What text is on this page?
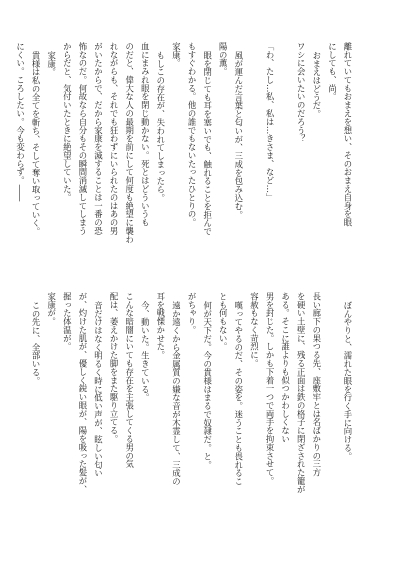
離れていてもおまえを想い、そのおまえ自身を眼
にしても、尚。
おまえはどうだ。
ワシに会いたいのだろう？

「わ、たし…私、私は…きさま、など…」

風が運んだ言葉と匂いが、三成を包み込む。
陽の薫。
眼を閉じても耳を塞いでも、触れることを拒んで
もすぐわかる。他の誰でもないたったひとりの。
家康。
もしこの存在が、失われてしまったら。
血にまみれ眼を閉じ動かない。死とはどういうも
のだと、偉大な人の最期を前にして何度も絶望に襲わ
れながらも、それでも狂わずにいられたのはあの男
がいたからで、だから家康を滅することは一番の恐
怖なのだ。何故なら自分もその瞬間消滅してしまう
からだと、気付いたときに絶望していた。
家康。
貴様は私の全てを斬ち、そして奪い取っていく。
にくい。ころしたい。今も変わらず。――
ぼんやりと、濡れた眼を行く手に向ける。

長い廊下の果つる先、座敷牢とは名ばかりの三方
を硬い土壁に、残る正面は鉄の格子に閉ざされた籠が
ある。そこに誰よりも似つかわしくない
男を封じた。しかも下着一つで両手を拘束させて。
容赦もなく苛烈に。
嘆ってやるのだ、その姿を。迷うことも畏れるこ
とも何もない。
何が天下だ。今の貴様はまるで奴隷だ。と。
がちゃり。
遠か遠くから金属質の嫌な音が木霊して、三成の
耳を戦慄かせた。
今、動いた。生きている。
こんな暗闇にいても存在を主張してくる男の気
配は、萎えかけた脚をまた駆り立てる。
音だけはなく明るく時に低い声が、眩しい匂い
が、灼けた肌が、優しく鋭い眼が、陽を吸った髪が、
握った体温が。
家康が。
この先に、全部いる。
